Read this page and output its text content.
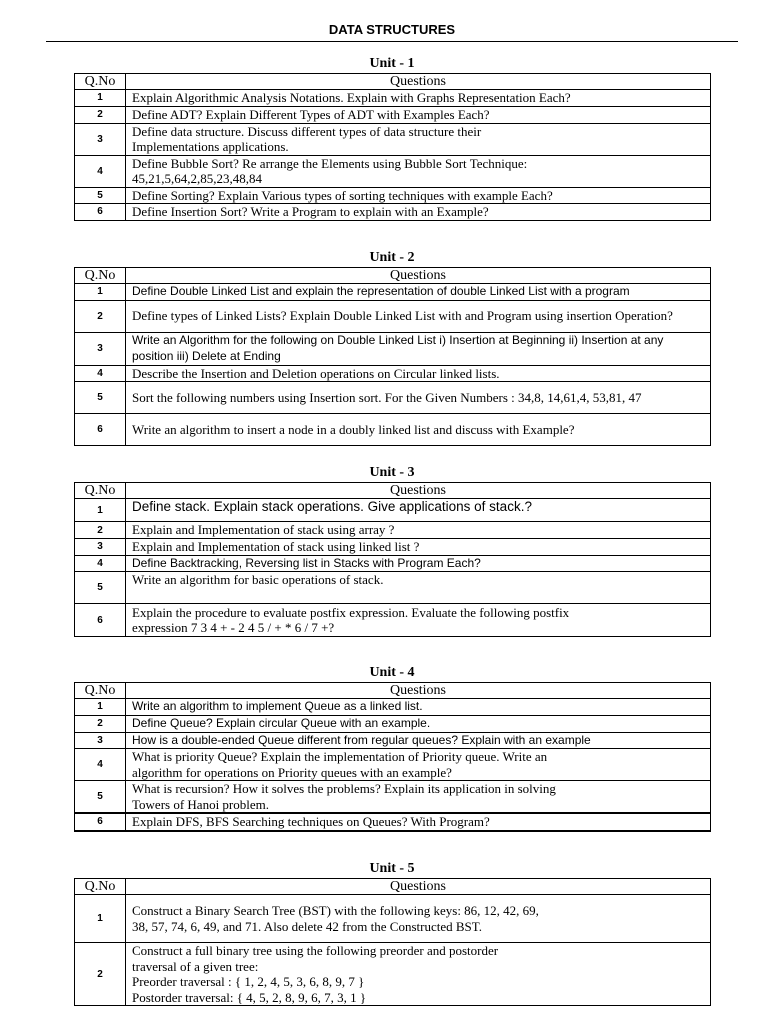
DATA STRUCTURES
Unit - 1
Q.No	Questions
1	Explain Algorithmic Analysis Notations. Explain with Graphs Representation Each?
2	Define ADT? Explain Different Types of ADT with Examples Each?
3	Define data structure. Discuss different types of data structure their Implementations applications.
4	Define Bubble Sort? Re arrange the Elements using Bubble Sort Technique: 45,21,5,64,2,85,23,48,84
5	Define Sorting? Explain Various types of sorting techniques with example Each?
6	Define Insertion Sort? Write a Program to explain with an Example?
Unit - 2
Q.No	Questions
1	Define Double Linked List and explain the representation of double Linked List with a program
2	Define types of Linked Lists? Explain Double Linked List with and Program using insertion Operation?
3	Write an Algorithm for the following on Double Linked List i) Insertion at Beginning ii) Insertion at any position iii) Delete at Ending
4	Describe the Insertion and Deletion operations on Circular linked lists.
5	Sort the following numbers using Insertion sort. For the Given Numbers : 34,8, 14,61,4, 53,81, 47
6	Write an algorithm to insert a node in a doubly linked list and discuss with Example?
Unit - 3
Q.No	Questions
1	Define stack. Explain stack operations. Give applications of stack.?
2	Explain and Implementation of stack using array ?
3	Explain and Implementation of stack using linked list ?
4	Define Backtracking, Reversing list in Stacks with Program Each?
5	Write an algorithm for basic operations of stack.
6	Explain the procedure to evaluate postfix expression. Evaluate the following postfix expression 7 3 4 + - 2 4 5 / + * 6 / 7 +?
Unit - 4
Q.No	Questions
1	Write an algorithm to implement Queue as a linked list.
2	Define Queue? Explain circular Queue with an example.
3	How is a double-ended Queue different from regular queues? Explain with an example
4	What is priority Queue? Explain the implementation of Priority queue. Write an algorithm for operations on Priority queues with an example?
5	What is recursion? How it solves the problems? Explain its application in solving Towers of Hanoi problem.
6	Explain DFS, BFS Searching techniques on Queues? With Program?
Unit - 5
Q.No	Questions
1	Construct a Binary Search Tree (BST) with the following keys: 86, 12, 42, 69, 38, 57, 74, 6, 49, and 71. Also delete 42 from the Constructed BST.
2	Construct a full binary tree using the following preorder and postorder traversal of a given tree:
Preorder traversal : { 1, 2, 4, 5, 3, 6, 8, 9, 7 }
Postorder traversal: { 4, 5, 2, 8, 9, 6, 7, 3, 1 }
